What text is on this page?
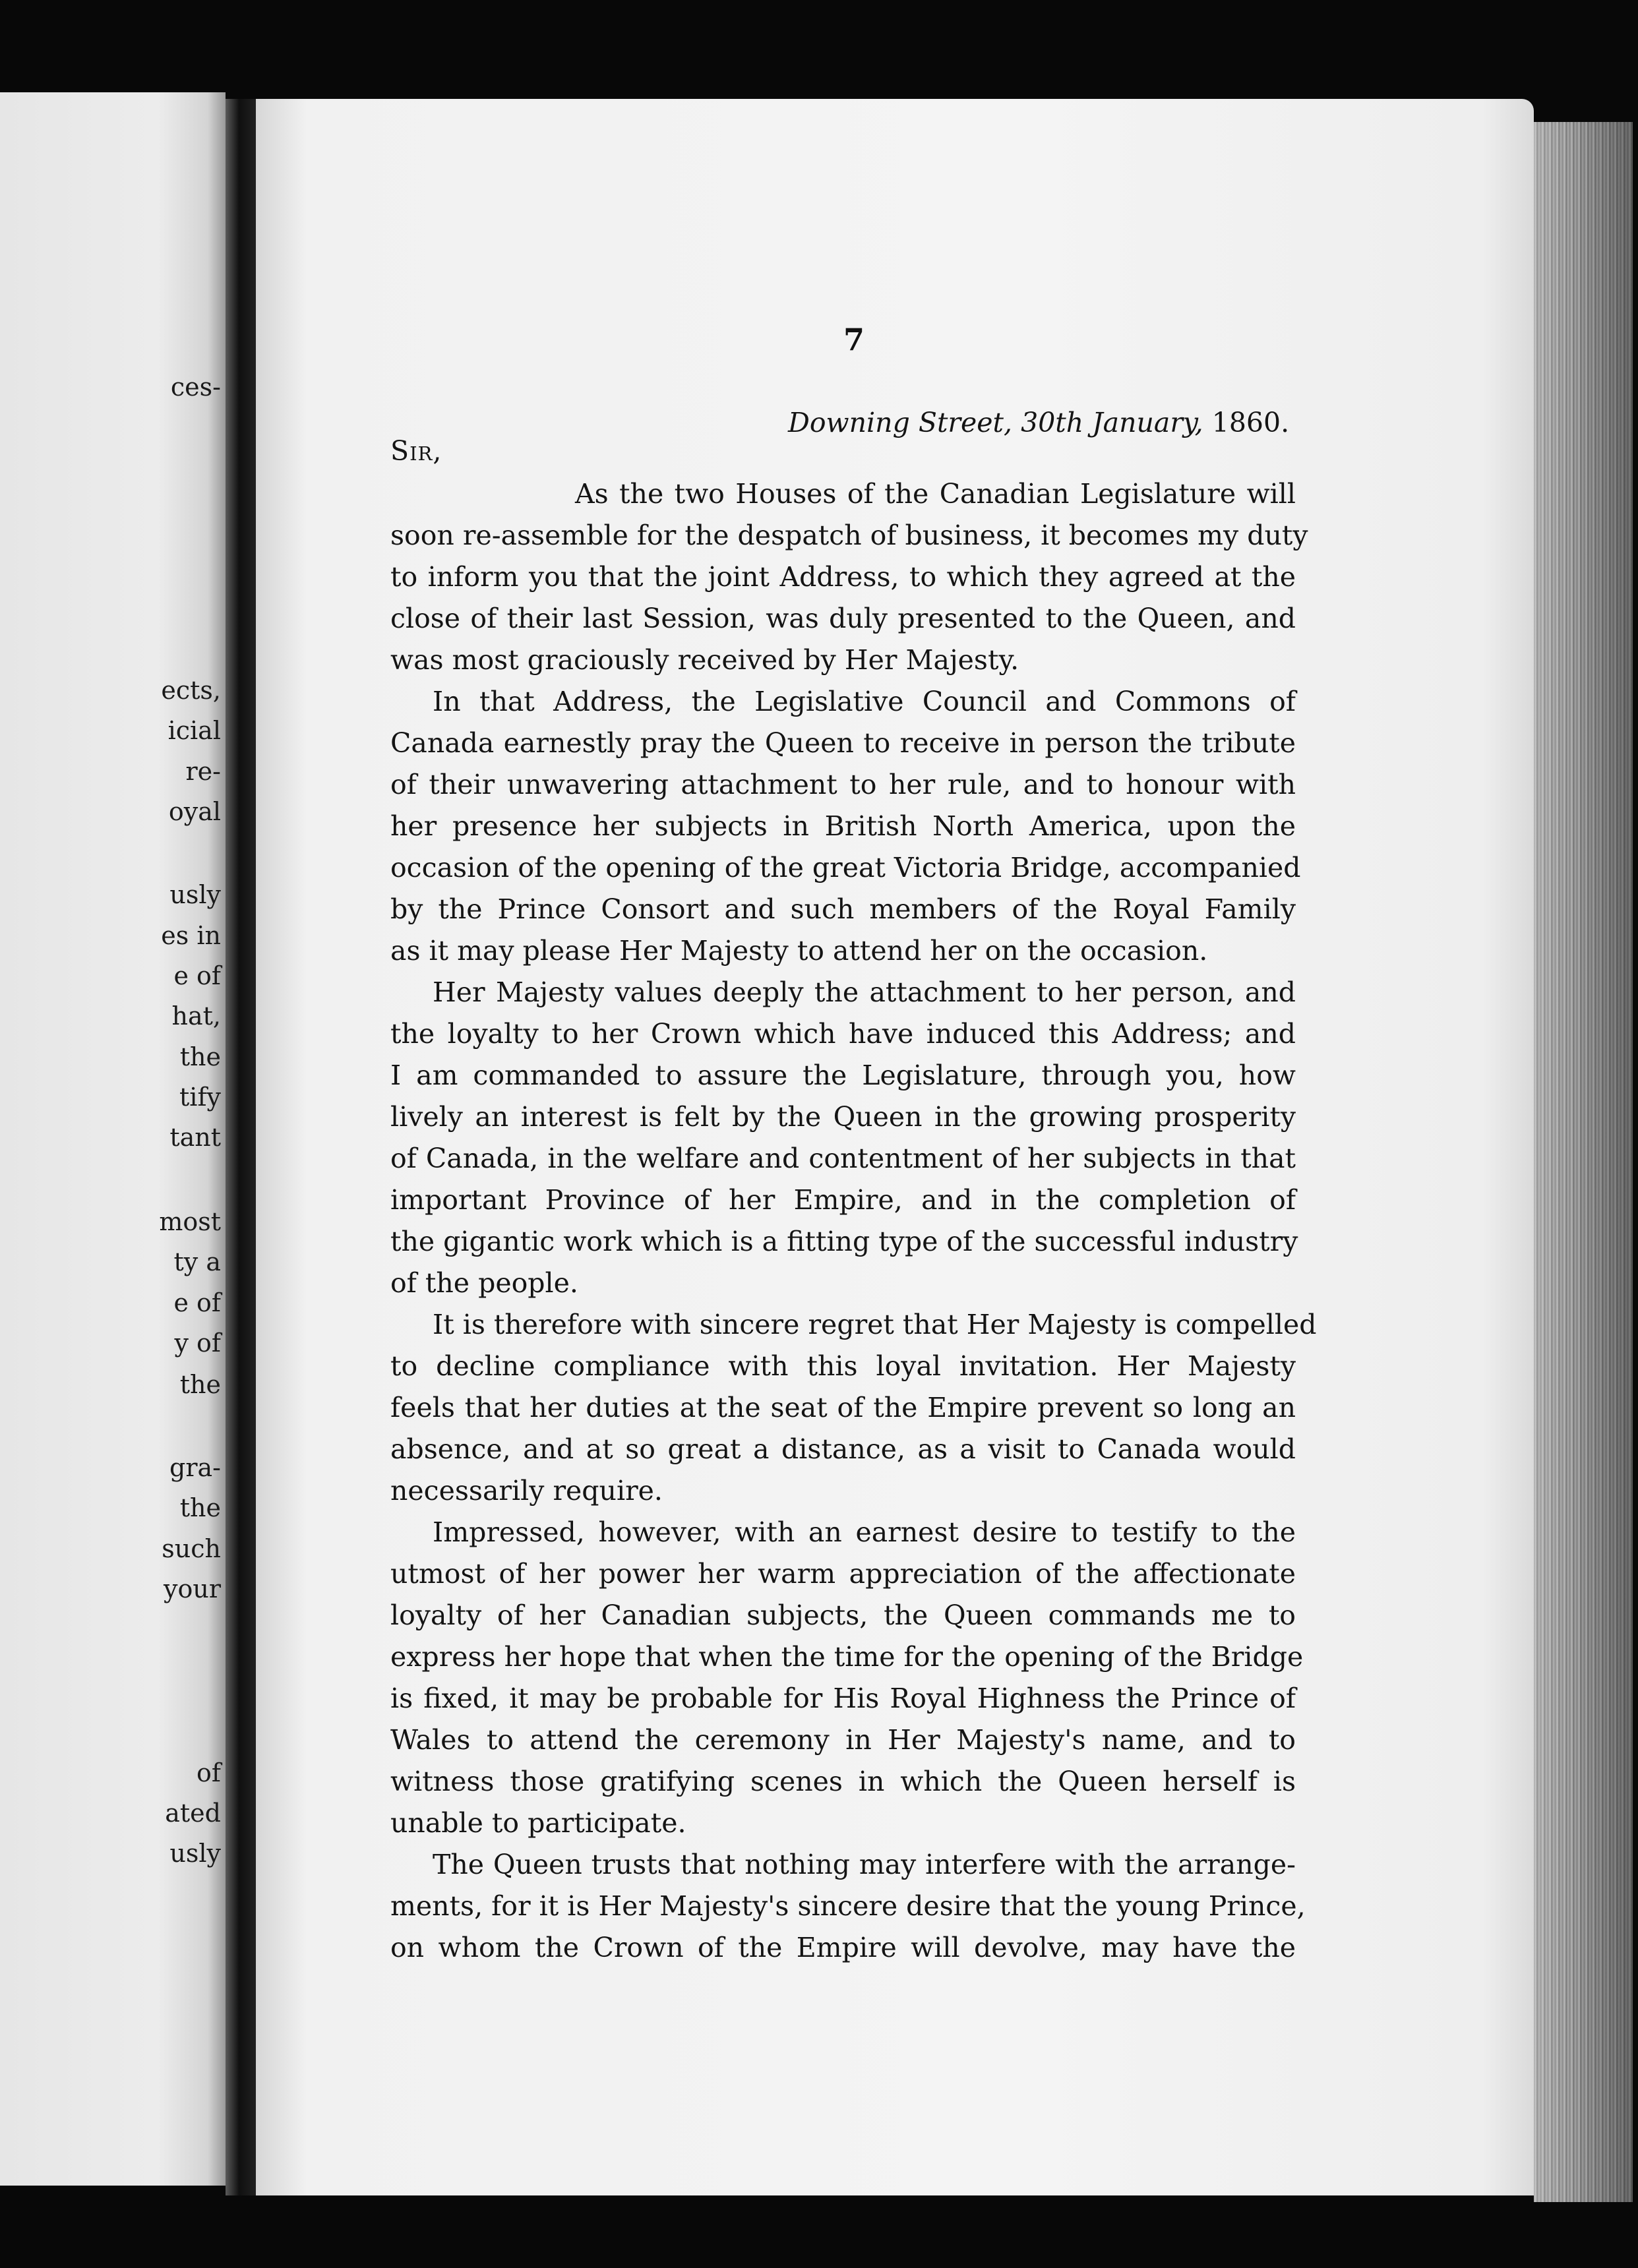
ces-
ects,
icial
re-
oyal
usly
es in
e of
hat,
the
tify
tant
most
ty a
e of
y of
the
gra-
the
such
your
of
ated
usly
7
Downing Street, 30th January, 1860.
Sir,
As the two Houses of the Canadian Legislature will
soon re-assemble for the despatch of business, it becomes my duty
to inform you that the joint Address, to which they agreed at the
close of their last Session, was duly presented to the Queen, and
was most graciously received by Her Majesty.
In that Address, the Legislative Council and Commons of
Canada earnestly pray the Queen to receive in person the tribute
of their unwavering attachment to her rule, and to honour with
her presence her subjects in British North America, upon the
occasion of the opening of the great Victoria Bridge, accompanied
by the Prince Consort and such members of the Royal Family
as it may please Her Majesty to attend her on the occasion.
Her Majesty values deeply the attachment to her person, and
the loyalty to her Crown which have induced this Address; and
I am commanded to assure the Legislature, through you, how
lively an interest is felt by the Queen in the growing prosperity
of Canada, in the welfare and contentment of her subjects in that
important Province of her Empire, and in the completion of
the gigantic work which is a fitting type of the successful industry
of the people.
It is therefore with sincere regret that Her Majesty is compelled
to decline compliance with this loyal invitation. Her Majesty
feels that her duties at the seat of the Empire prevent so long an
absence, and at so great a distance, as a visit to Canada would
necessarily require.
Impressed, however, with an earnest desire to testify to the
utmost of her power her warm appreciation of the affectionate
loyalty of her Canadian subjects, the Queen commands me to
express her hope that when the time for the opening of the Bridge
is fixed, it may be probable for His Royal Highness the Prince of
Wales to attend the ceremony in Her Majesty's name, and to
witness those gratifying scenes in which the Queen herself is
unable to participate.
The Queen trusts that nothing may interfere with the arrange-
ments, for it is Her Majesty's sincere desire that the young Prince,
on whom the Crown of the Empire will devolve, may have the
